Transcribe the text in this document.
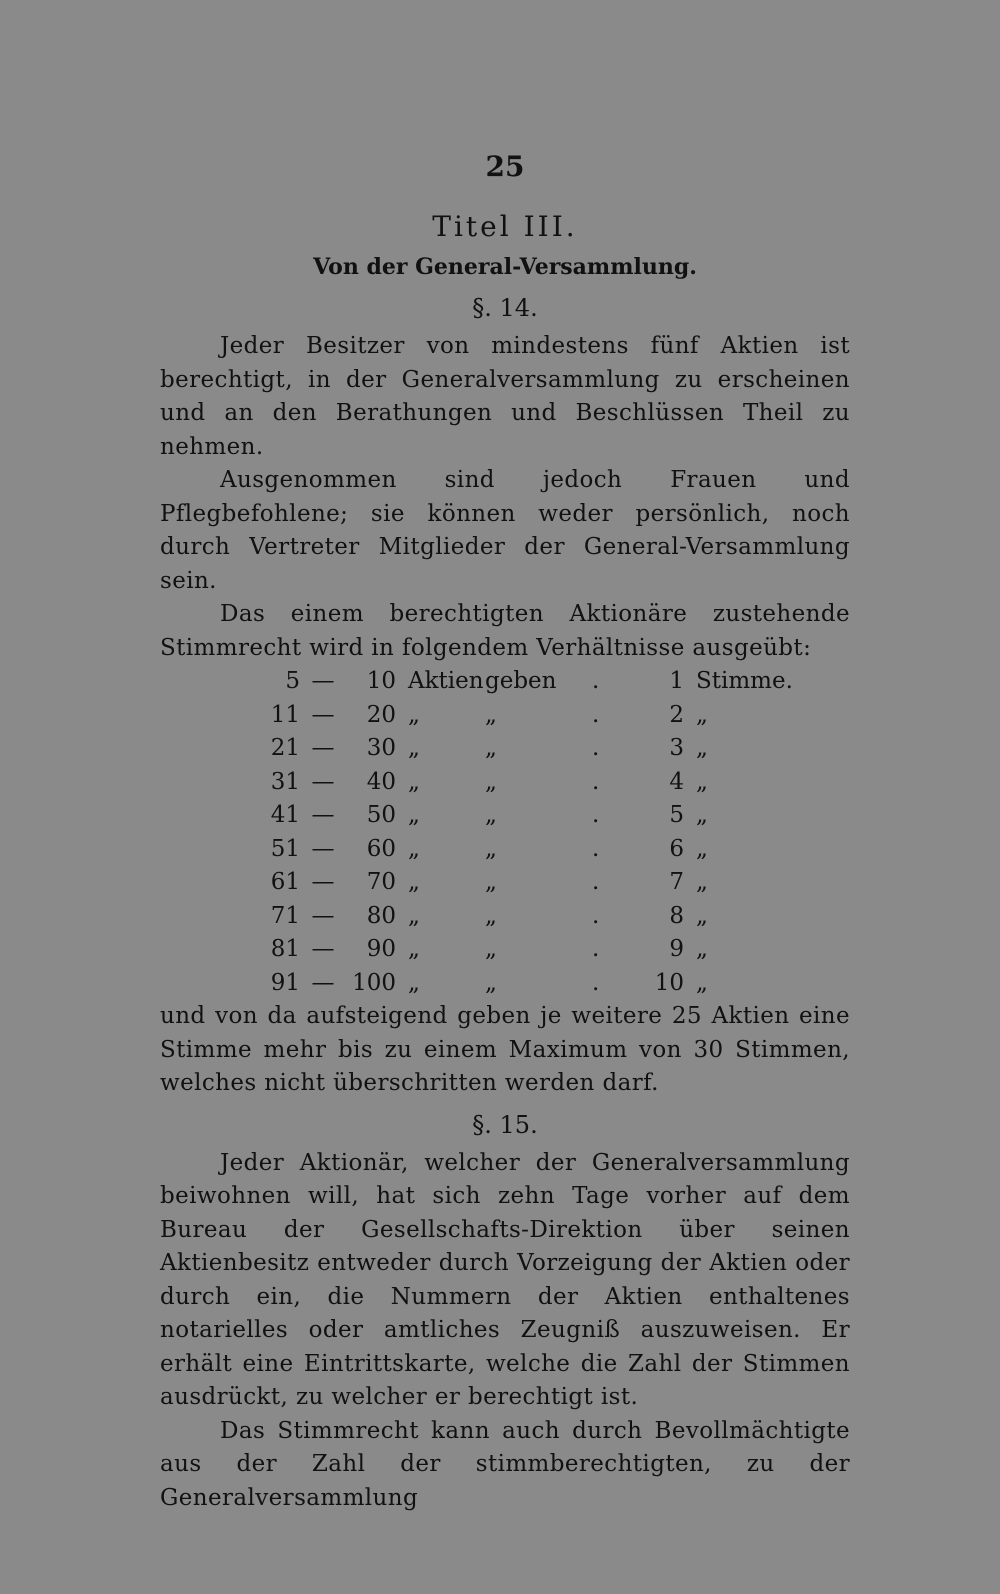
25
Titel III.
Von der General-Versammlung.
§. 14.

Jeder Besitzer von mindestens fünf Aktien ist berechtigt, in der Generalversammlung zu erscheinen und an den Berathungen und Beschlüssen Theil zu nehmen.

Ausgenommen sind jedoch Frauen und Pflegbefohlene; sie können weder persönlich, noch durch Vertreter Mitglieder der General-Versammlung sein.

Das einem berechtigten Aktionäre zustehende Stimmrecht wird in folgendem Verhältnisse ausgeübt:

5 —	10 Aktien geben .	1 Stimme.
11 —	20 „	„	.	2 „
21 —	30 „	„	.	3 „
31 —	40 „	„	.	4 „
41 —	50 „	„	.	5 „
51 —	60 „	„	.	6 „
61 —	70 „	„	.	7 „
71 —	80 „	„	.	8 „
81 —	90 „	„	.	9 „
91 — 100 „	„	.	10 „

und von da aufsteigend geben je weitere 25 Aktien eine Stimme mehr bis zu einem Maximum von 30 Stimmen, welches nicht überschritten werden darf.

§. 15.

Jeder Aktionär, welcher der Generalversammlung beiwohnen will, hat sich zehn Tage vorher auf dem Bureau der Gesellschafts-Direktion über seinen Aktienbesitz entweder durch Vorzeigung der Aktien oder durch ein, die Nummern der Aktien enthaltenes notarielles oder amtliches Zeugniß auszuweisen. Er erhält eine Eintrittskarte, welche die Zahl der Stimmen ausdrückt, zu welcher er berechtigt ist.

Das Stimmrecht kann auch durch Bevollmächtigte aus der Zahl der stimmberechtigten, zu der Generalversammlung
